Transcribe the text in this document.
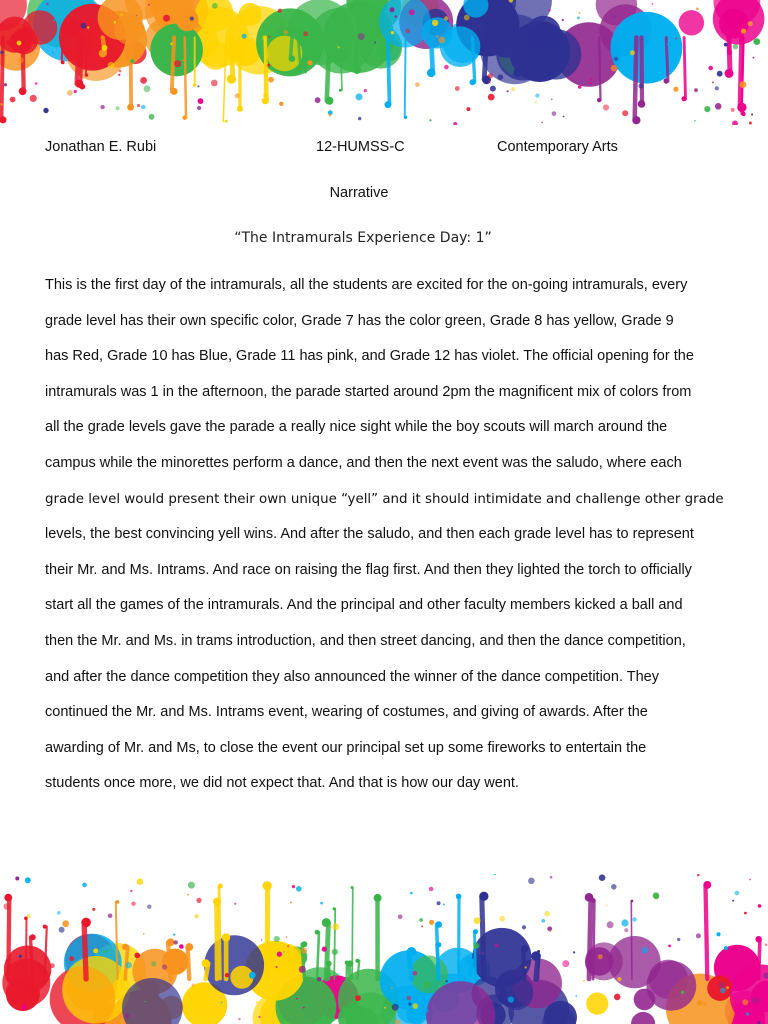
Jonathan E. Rubi	12-HUMSS-C	Contemporary Arts
Narrative
“The Intramurals Experience Day: 1”

This is the first day of the intramurals, all the students are excited for the on-going intramurals, every
grade level has their own specific color, Grade 7 has the color green, Grade 8 has yellow, Grade 9
has Red, Grade 10 has Blue, Grade 11 has pink, and Grade 12 has violet. The official opening for the
intramurals was 1 in the afternoon, the parade started around 2pm the magnificent mix of colors from
all the grade levels gave the parade a really nice sight while the boy scouts will march around the
campus while the minorettes perform a dance, and then the next event was the saludo, where each
grade level would present their own unique “yell” and it should intimidate and challenge other grade
levels, the best convincing yell wins. And after the saludo, and then each grade level has to represent
their Mr. and Ms. Intrams. And race on raising the flag first. And then they lighted the torch to officially
start all the games of the intramurals. And the principal and other faculty members kicked a ball and
then the Mr. and Ms. in trams introduction, and then street dancing, and then the dance competition,
and after the dance competition they also announced the winner of the dance competition. They
continued the Mr. and Ms. Intrams event, wearing of costumes, and giving of awards. After the
awarding of Mr. and Ms, to close the event our principal set up some fireworks to entertain the
students once more, we did not expect that. And that is how our day went.
